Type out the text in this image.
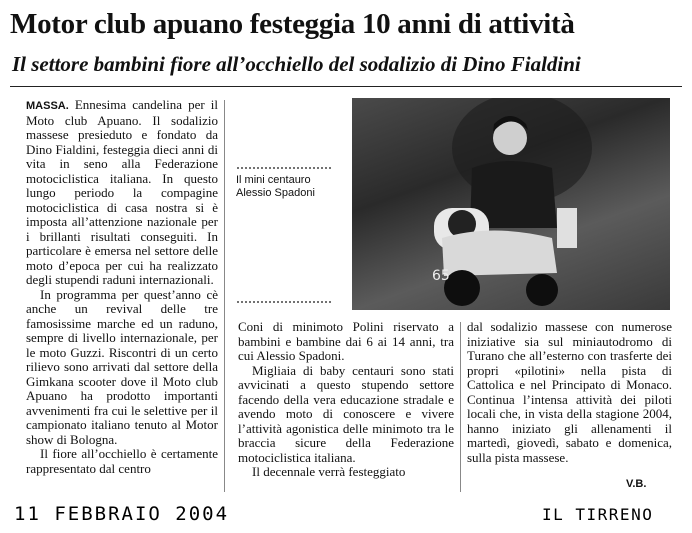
Motor club apuano festeggia 10 anni di attività
Il settore bambini fiore all’occhiello del sodalizio di Dino Fialdini

MASSA. Ennesima candelina per il Moto club Apuano. Il sodalizio massese presieduto e fondato da Dino Fialdini, festeggia dieci anni di vita in seno alla Federazione motociclistica italiana. In questo lungo periodo la compagine motociclistica di casa nostra si è imposta all’attenzione nazionale per i brillanti risultati conseguiti. In particolare è emersa nel settore delle moto d’epoca per cui ha realizzato degli stupendi raduni internazionali.

In programma per quest’anno cè anche un revival delle tre famosissime marche ed un raduno, sempre di livello internazionale, per le moto Guzzi. Riscontri di un certo rilievo sono arrivati dal settore della Gimkana scooter dove il Moto club Apuano ha prodotto importanti avvenimenti fra cui le selettive per il campionato italiano tenuto al Motor show di Bologna.

Il fiore all’occhiello è certamente rappresentato dal centro

Il mini centauro Alessio Spadoni
65

Coni di minimoto Polini riservato a bambini e bambine dai 6 ai 14 anni, tra cui Alessio Spadoni.

Migliaia di baby centauri sono stati avvicinati a questo stupendo settore facendo della vera educazione stradale e avendo moto di conoscere e vivere l’attività agonistica delle minimoto tra le braccia sicure della Federazione motociclistica italiana.

Il decennale verrà festeggiato

dal sodalizio massese con numerose iniziative sia sul miniautodromo di Turano che all’esterno con trasferte dei propri «pilotini» nella pista di Cattolica e nel Principato di Monaco. Continua l’intensa attività dei piloti locali che, in vista della stagione 2004, hanno iniziato gli allenamenti il martedì, giovedì, sabato e domenica, sulla pista massese.

V.B.
11 FEBBRAIO 2004	IL TIRRENO
